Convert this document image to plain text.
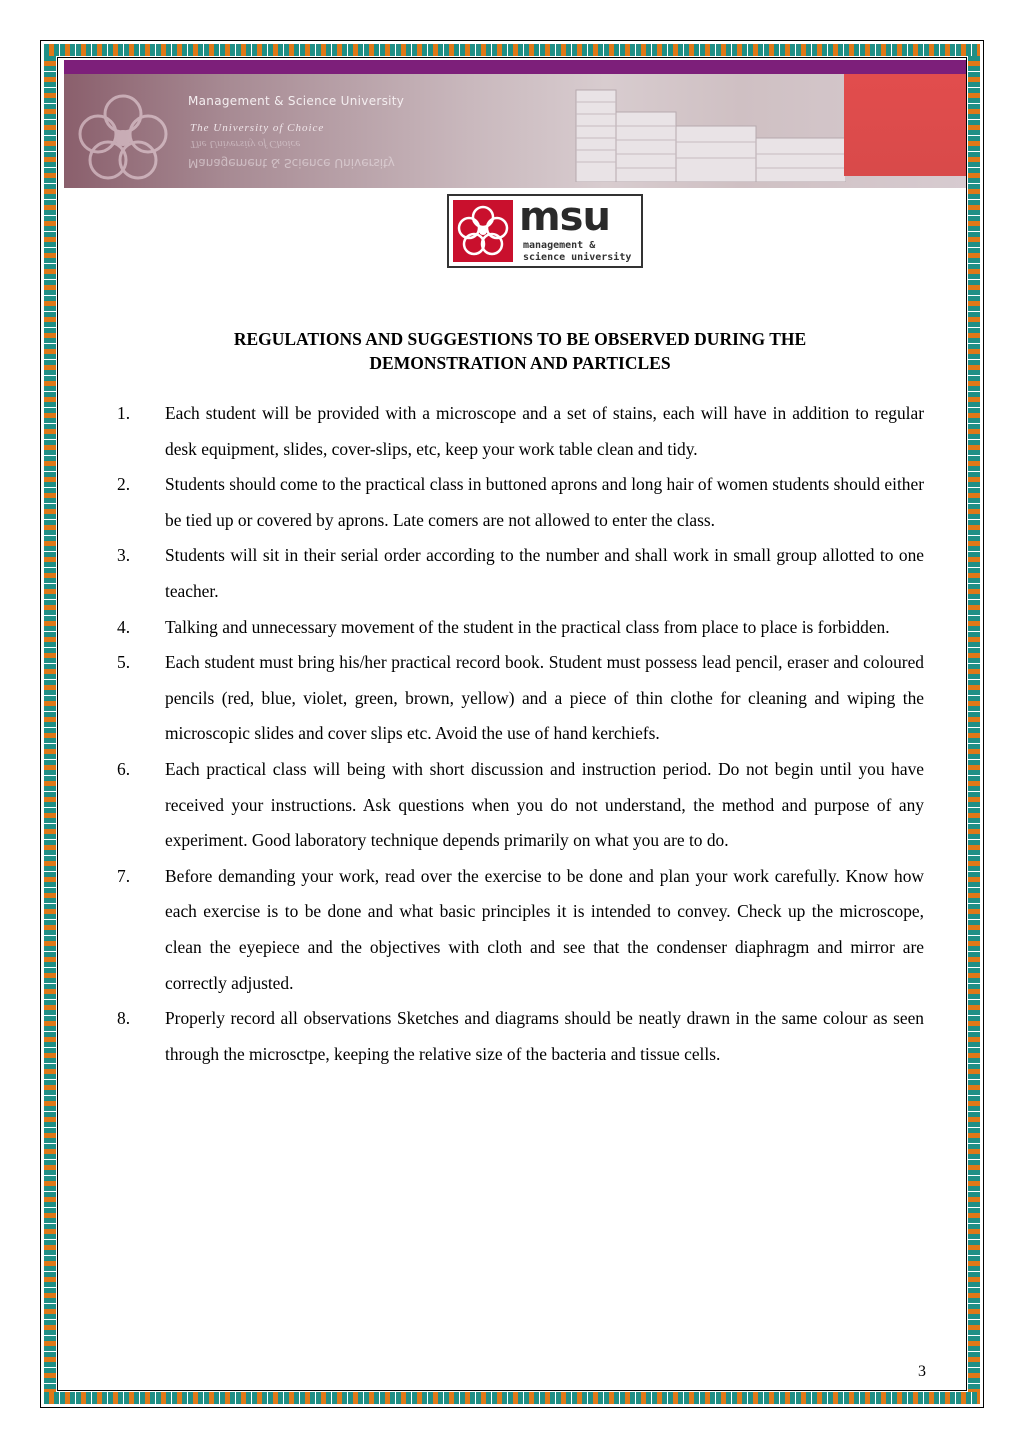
Management & Science University
The University of Choice
The University of Choice
Management & Science University
msu
management &
science university
REGULATIONS AND SUGGESTIONS TO BE OBSERVED DURING THE
DEMONSTRATION AND PARTICLES
1. Each student will be provided with a microscope and a set of stains, each will have in addition to regular desk equipment, slides, cover-slips, etc, keep your work table clean and tidy.
2. Students should come to the practical class in buttoned aprons and long hair of women students should either be tied up or covered by aprons. Late comers are not allowed to enter the class.
3. Students will sit in their serial order according to the number and shall work in small group allotted to one teacher.
4. Talking and unnecessary movement of the student in the practical class from place to place is forbidden.
5. Each student must bring his/her practical record book. Student must possess lead pencil, eraser and coloured pencils (red, blue, violet, green, brown, yellow) and a piece of thin clothe for cleaning and wiping the microscopic slides and cover slips etc. Avoid the use of hand kerchiefs.
6. Each practical class will being with short discussion and instruction period. Do not begin until you have received your instructions. Ask questions when you do not understand, the method and purpose of any experiment. Good laboratory technique depends primarily on what you are to do.
7. Before demanding your work, read over the exercise to be done and plan your work carefully. Know how each exercise is to be done and what basic principles it is intended to convey. Check up the microscope, clean the eyepiece and the objectives with cloth and see that the condenser diaphragm and mirror are correctly adjusted.
8. Properly record all observations Sketches and diagrams should be neatly drawn in the same colour as seen through the microsctpe, keeping the relative size of the bacteria and tissue cells.
3
